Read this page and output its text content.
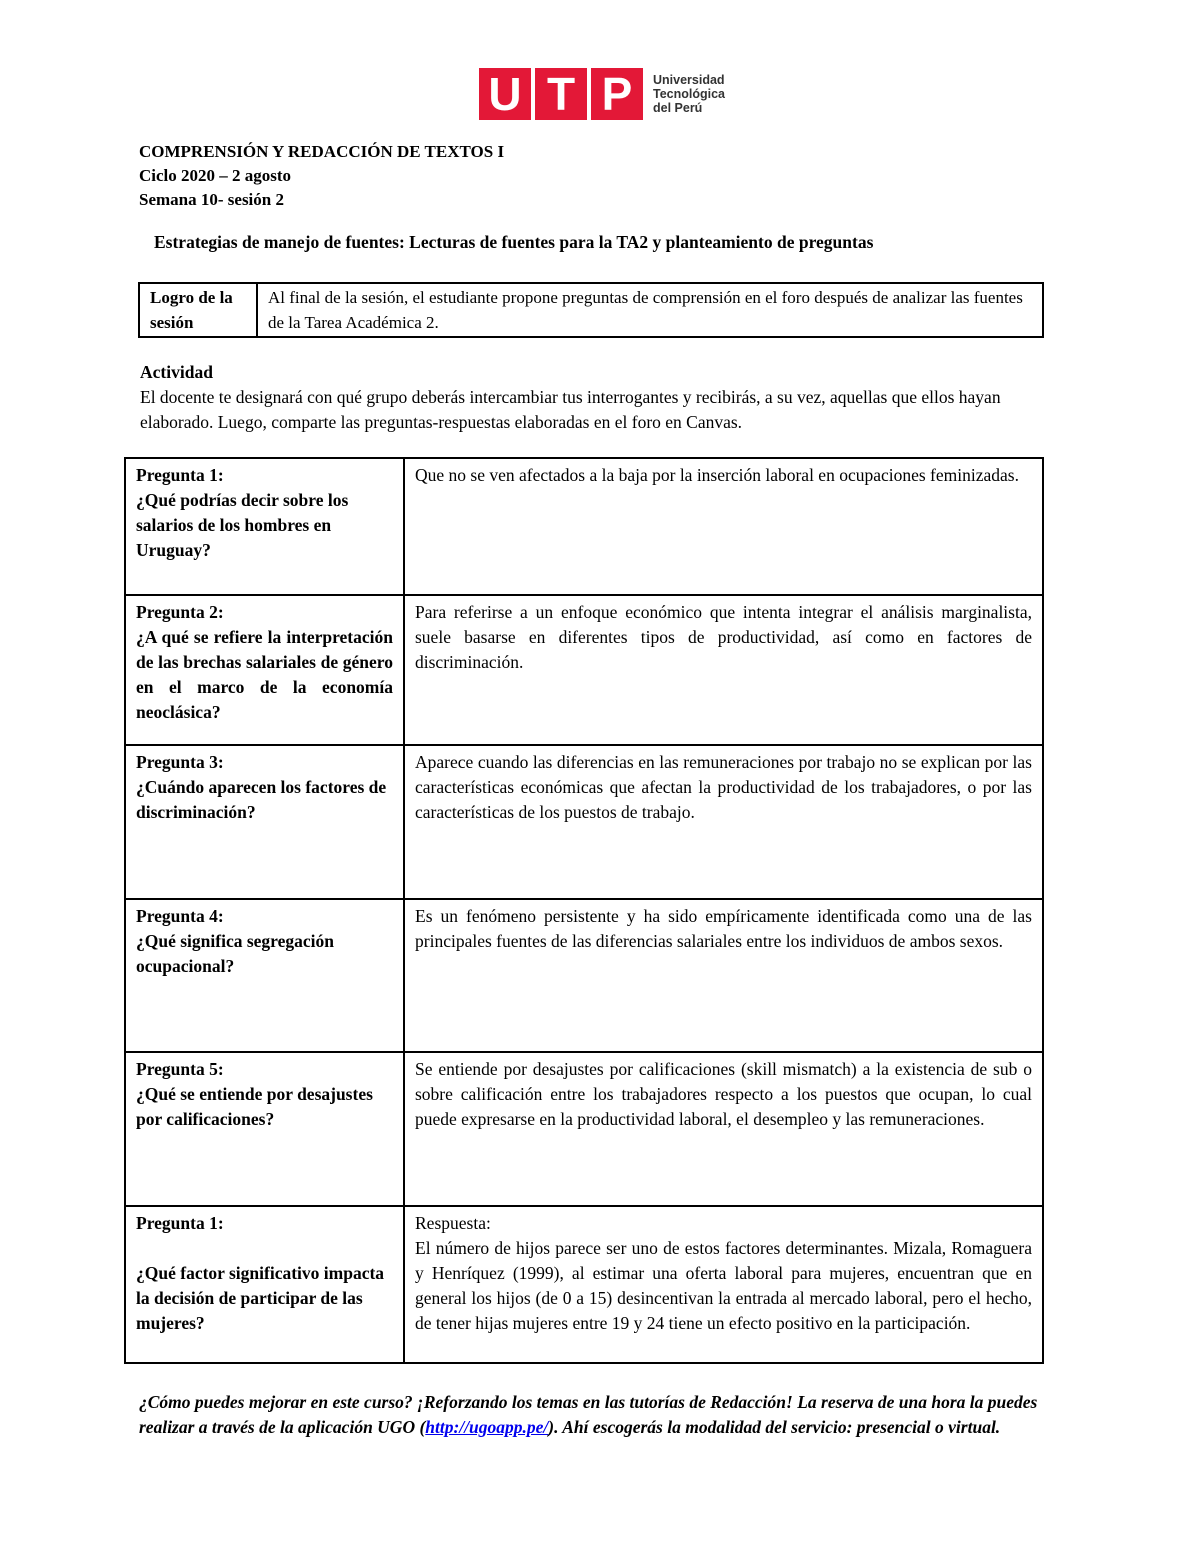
U T P	Universidad
Tecnológica
del Perú
COMPRENSIÓN Y REDACCIÓN DE TEXTOS I
Ciclo 2020 – 2 agosto
Semana 10- sesión 2
Estrategias de manejo de fuentes: Lecturas de fuentes para la TA2 y planteamiento de preguntas
Logro de la sesión	Al final de la sesión, el estudiante propone preguntas de comprensión en el foro después de analizar las fuentes de la Tarea Académica 2.
Actividad
El docente te designará con qué grupo deberás intercambiar tus interrogantes y recibirás, a su vez, aquellas que ellos hayan elaborado. Luego, comparte las preguntas-respuestas elaboradas en el foro en Canvas.
Pregunta 1:
¿Qué podrías decir sobre los salarios de los hombres en Uruguay?	Que no se ven afectados a la baja por la inserción laboral en ocupaciones feminizadas.

Pregunta 2:
¿A qué se refiere la interpretación de las brechas salariales de género en el marco de la economía neoclásica?	Para referirse a un enfoque económico que intenta integrar el análisis marginalista, suele basarse en diferentes tipos de productividad, así como en factores de discriminación.

Pregunta 3:
¿Cuándo aparecen los factores de discriminación?	Aparece cuando las diferencias en las remuneraciones por trabajo no se explican por las características económicas que afectan la productividad de los trabajadores, o por las características de los puestos de trabajo.

Pregunta 4:
¿Qué significa segregación ocupacional?	Es un fenómeno persistente y ha sido empíricamente identificada como una de las principales fuentes de las diferencias salariales entre los individuos de ambos sexos.

Pregunta 5:
¿Qué se entiende por desajustes por calificaciones?	Se entiende por desajustes por calificaciones (skill mismatch) a la existencia de sub o sobre calificación entre los trabajadores respecto a los puestos que ocupan, lo cual puede expresarse en la productividad laboral, el desempleo y las remuneraciones.

Pregunta 1:
¿Qué factor significativo impacta la decisión de participar de las mujeres?	Respuesta:
El número de hijos parece ser uno de estos factores determinantes. Mizala, Romaguera y Henríquez (1999), al estimar una oferta laboral para mujeres, encuentran que en general los hijos (de 0 a 15) desincentivan la entrada al mercado laboral, pero el hecho, de tener hijas mujeres entre 19 y 24 tiene un efecto positivo en la participación.
¿Cómo puedes mejorar en este curso? ¡Reforzando los temas en las tutorías de Redacción! La reserva de una hora la puedes realizar a través de la aplicación UGO (http://ugoapp.pe/). Ahí escogerás la modalidad del servicio: presencial o virtual.
